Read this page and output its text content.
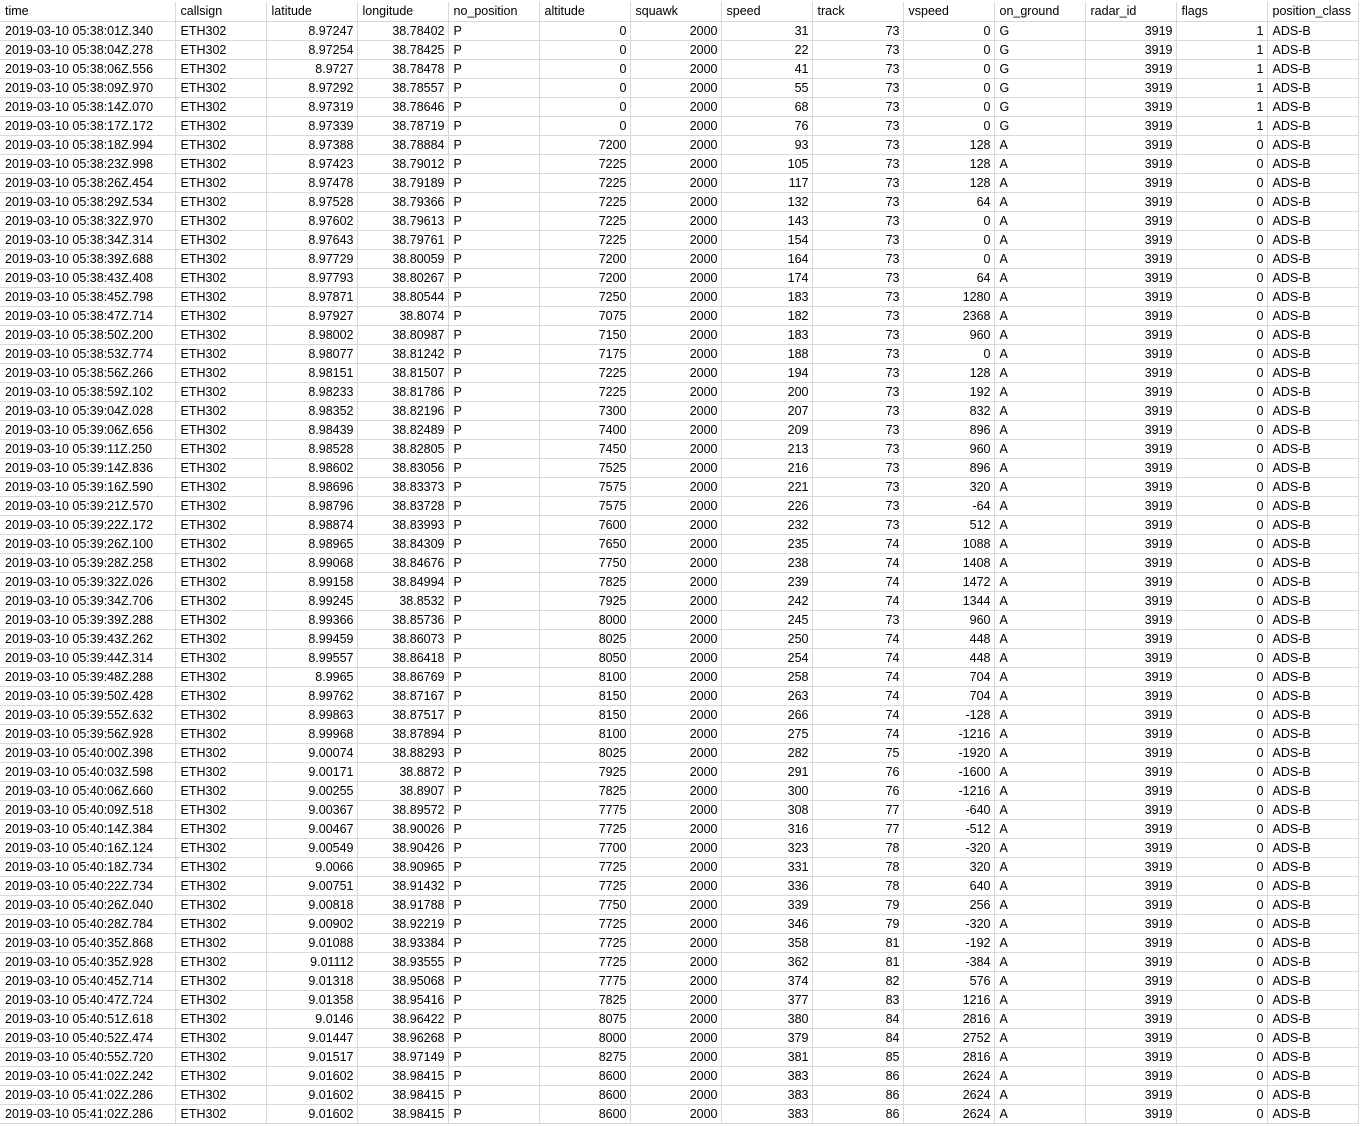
time	callsign	latitude	longitude	no_position	altitude	squawk	speed	track	vspeed	on_ground	radar_id	flags	position_class
2019-03-10 05:38:01Z.340	ETH302	8.97247	38.78402	P	0	2000	31	73	0	G	3919	1	ADS-B
2019-03-10 05:38:04Z.278	ETH302	8.97254	38.78425	P	0	2000	22	73	0	G	3919	1	ADS-B
2019-03-10 05:38:06Z.556	ETH302	8.9727	38.78478	P	0	2000	41	73	0	G	3919	1	ADS-B
2019-03-10 05:38:09Z.970	ETH302	8.97292	38.78557	P	0	2000	55	73	0	G	3919	1	ADS-B
2019-03-10 05:38:14Z.070	ETH302	8.97319	38.78646	P	0	2000	68	73	0	G	3919	1	ADS-B
2019-03-10 05:38:17Z.172	ETH302	8.97339	38.78719	P	0	2000	76	73	0	G	3919	1	ADS-B
2019-03-10 05:38:18Z.994	ETH302	8.97388	38.78884	P	7200	2000	93	73	128	A	3919	0	ADS-B
2019-03-10 05:38:23Z.998	ETH302	8.97423	38.79012	P	7225	2000	105	73	128	A	3919	0	ADS-B
2019-03-10 05:38:26Z.454	ETH302	8.97478	38.79189	P	7225	2000	117	73	128	A	3919	0	ADS-B
2019-03-10 05:38:29Z.534	ETH302	8.97528	38.79366	P	7225	2000	132	73	64	A	3919	0	ADS-B
2019-03-10 05:38:32Z.970	ETH302	8.97602	38.79613	P	7225	2000	143	73	0	A	3919	0	ADS-B
2019-03-10 05:38:34Z.314	ETH302	8.97643	38.79761	P	7225	2000	154	73	0	A	3919	0	ADS-B
2019-03-10 05:38:39Z.688	ETH302	8.97729	38.80059	P	7200	2000	164	73	0	A	3919	0	ADS-B
2019-03-10 05:38:43Z.408	ETH302	8.97793	38.80267	P	7200	2000	174	73	64	A	3919	0	ADS-B
2019-03-10 05:38:45Z.798	ETH302	8.97871	38.80544	P	7250	2000	183	73	1280	A	3919	0	ADS-B
2019-03-10 05:38:47Z.714	ETH302	8.97927	38.8074	P	7075	2000	182	73	2368	A	3919	0	ADS-B
2019-03-10 05:38:50Z.200	ETH302	8.98002	38.80987	P	7150	2000	183	73	960	A	3919	0	ADS-B
2019-03-10 05:38:53Z.774	ETH302	8.98077	38.81242	P	7175	2000	188	73	0	A	3919	0	ADS-B
2019-03-10 05:38:56Z.266	ETH302	8.98151	38.81507	P	7225	2000	194	73	128	A	3919	0	ADS-B
2019-03-10 05:38:59Z.102	ETH302	8.98233	38.81786	P	7225	2000	200	73	192	A	3919	0	ADS-B
2019-03-10 05:39:04Z.028	ETH302	8.98352	38.82196	P	7300	2000	207	73	832	A	3919	0	ADS-B
2019-03-10 05:39:06Z.656	ETH302	8.98439	38.82489	P	7400	2000	209	73	896	A	3919	0	ADS-B
2019-03-10 05:39:11Z.250	ETH302	8.98528	38.82805	P	7450	2000	213	73	960	A	3919	0	ADS-B
2019-03-10 05:39:14Z.836	ETH302	8.98602	38.83056	P	7525	2000	216	73	896	A	3919	0	ADS-B
2019-03-10 05:39:16Z.590	ETH302	8.98696	38.83373	P	7575	2000	221	73	320	A	3919	0	ADS-B
2019-03-10 05:39:21Z.570	ETH302	8.98796	38.83728	P	7575	2000	226	73	-64	A	3919	0	ADS-B
2019-03-10 05:39:22Z.172	ETH302	8.98874	38.83993	P	7600	2000	232	73	512	A	3919	0	ADS-B
2019-03-10 05:39:26Z.100	ETH302	8.98965	38.84309	P	7650	2000	235	74	1088	A	3919	0	ADS-B
2019-03-10 05:39:28Z.258	ETH302	8.99068	38.84676	P	7750	2000	238	74	1408	A	3919	0	ADS-B
2019-03-10 05:39:32Z.026	ETH302	8.99158	38.84994	P	7825	2000	239	74	1472	A	3919	0	ADS-B
2019-03-10 05:39:34Z.706	ETH302	8.99245	38.8532	P	7925	2000	242	74	1344	A	3919	0	ADS-B
2019-03-10 05:39:39Z.288	ETH302	8.99366	38.85736	P	8000	2000	245	73	960	A	3919	0	ADS-B
2019-03-10 05:39:43Z.262	ETH302	8.99459	38.86073	P	8025	2000	250	74	448	A	3919	0	ADS-B
2019-03-10 05:39:44Z.314	ETH302	8.99557	38.86418	P	8050	2000	254	74	448	A	3919	0	ADS-B
2019-03-10 05:39:48Z.288	ETH302	8.9965	38.86769	P	8100	2000	258	74	704	A	3919	0	ADS-B
2019-03-10 05:39:50Z.428	ETH302	8.99762	38.87167	P	8150	2000	263	74	704	A	3919	0	ADS-B
2019-03-10 05:39:55Z.632	ETH302	8.99863	38.87517	P	8150	2000	266	74	-128	A	3919	0	ADS-B
2019-03-10 05:39:56Z.928	ETH302	8.99968	38.87894	P	8100	2000	275	74	-1216	A	3919	0	ADS-B
2019-03-10 05:40:00Z.398	ETH302	9.00074	38.88293	P	8025	2000	282	75	-1920	A	3919	0	ADS-B
2019-03-10 05:40:03Z.598	ETH302	9.00171	38.8872	P	7925	2000	291	76	-1600	A	3919	0	ADS-B
2019-03-10 05:40:06Z.660	ETH302	9.00255	38.8907	P	7825	2000	300	76	-1216	A	3919	0	ADS-B
2019-03-10 05:40:09Z.518	ETH302	9.00367	38.89572	P	7775	2000	308	77	-640	A	3919	0	ADS-B
2019-03-10 05:40:14Z.384	ETH302	9.00467	38.90026	P	7725	2000	316	77	-512	A	3919	0	ADS-B
2019-03-10 05:40:16Z.124	ETH302	9.00549	38.90426	P	7700	2000	323	78	-320	A	3919	0	ADS-B
2019-03-10 05:40:18Z.734	ETH302	9.0066	38.90965	P	7725	2000	331	78	320	A	3919	0	ADS-B
2019-03-10 05:40:22Z.734	ETH302	9.00751	38.91432	P	7725	2000	336	78	640	A	3919	0	ADS-B
2019-03-10 05:40:26Z.040	ETH302	9.00818	38.91788	P	7750	2000	339	79	256	A	3919	0	ADS-B
2019-03-10 05:40:28Z.784	ETH302	9.00902	38.92219	P	7725	2000	346	79	-320	A	3919	0	ADS-B
2019-03-10 05:40:35Z.868	ETH302	9.01088	38.93384	P	7725	2000	358	81	-192	A	3919	0	ADS-B
2019-03-10 05:40:35Z.928	ETH302	9.01112	38.93555	P	7725	2000	362	81	-384	A	3919	0	ADS-B
2019-03-10 05:40:45Z.714	ETH302	9.01318	38.95068	P	7775	2000	374	82	576	A	3919	0	ADS-B
2019-03-10 05:40:47Z.724	ETH302	9.01358	38.95416	P	7825	2000	377	83	1216	A	3919	0	ADS-B
2019-03-10 05:40:51Z.618	ETH302	9.0146	38.96422	P	8075	2000	380	84	2816	A	3919	0	ADS-B
2019-03-10 05:40:52Z.474	ETH302	9.01447	38.96268	P	8000	2000	379	84	2752	A	3919	0	ADS-B
2019-03-10 05:40:55Z.720	ETH302	9.01517	38.97149	P	8275	2000	381	85	2816	A	3919	0	ADS-B
2019-03-10 05:41:02Z.242	ETH302	9.01602	38.98415	P	8600	2000	383	86	2624	A	3919	0	ADS-B
2019-03-10 05:41:02Z.286	ETH302	9.01602	38.98415	P	8600	2000	383	86	2624	A	3919	0	ADS-B
2019-03-10 05:41:02Z.286	ETH302	9.01602	38.98415	P	8600	2000	383	86	2624	A	3919	0	ADS-B
